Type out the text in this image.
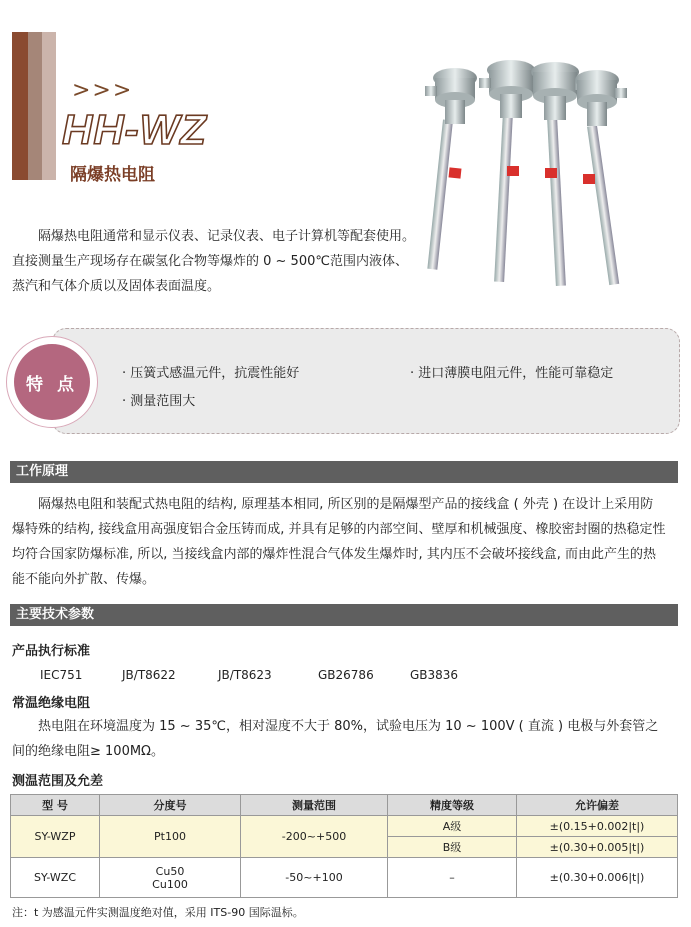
>>>
HH-WZ
隔爆热电阻

隔爆热电阻通常和显示仪表、记录仪表、电子计算机等配套使用。

直接测量生产现场存在碳氢化合物等爆炸的 0 ~ 500℃范围内液体、

蒸汽和气体介质以及固体表面温度。

特 点
· 压簧式感温元件，抗震性能好	· 进口薄膜电阻元件，性能可靠稳定
· 测量范围大
工作原理

隔爆热电阻和装配式热电阻的结构, 原理基本相同, 所区别的是隔爆型产品的接线盒 ( 外壳 ) 在设计上采用防

爆特殊的结构, 接线盒用高强度铝合金压铸而成, 并具有足够的内部空间、壁厚和机械强度、橡胶密封圈的热稳定性

均符合国家防爆标准, 所以, 当接线盒内部的爆炸性混合气体发生爆炸时, 其内压不会破坏接线盒, 而由此产生的热

能不能向外扩散、传爆。

主要技术参数
产品执行标准
IEC751	JB/T8622	JB/T8623	GB26786	GB3836
常温绝缘电阻

热电阻在环境温度为 15 ~ 35℃，相对湿度不大于 80%，试验电压为 10 ~ 100V ( 直流 ) 电极与外套管之

间的绝缘电阻≥ 100MΩ。

测温范围及允差
型 号	分度号	测量范围	精度等级	允许偏差
SY-WZP	Pt100	-200~+500	A级	±(0.15+0.002|t|)
			B级	±(0.30+0.005|t|)
SY-WZC	Cu50
Cu100	-50~+100	–	±(0.30+0.006|t|)
注：t 为感温元件实测温度绝对值，采用 ITS-90 国际温标。
